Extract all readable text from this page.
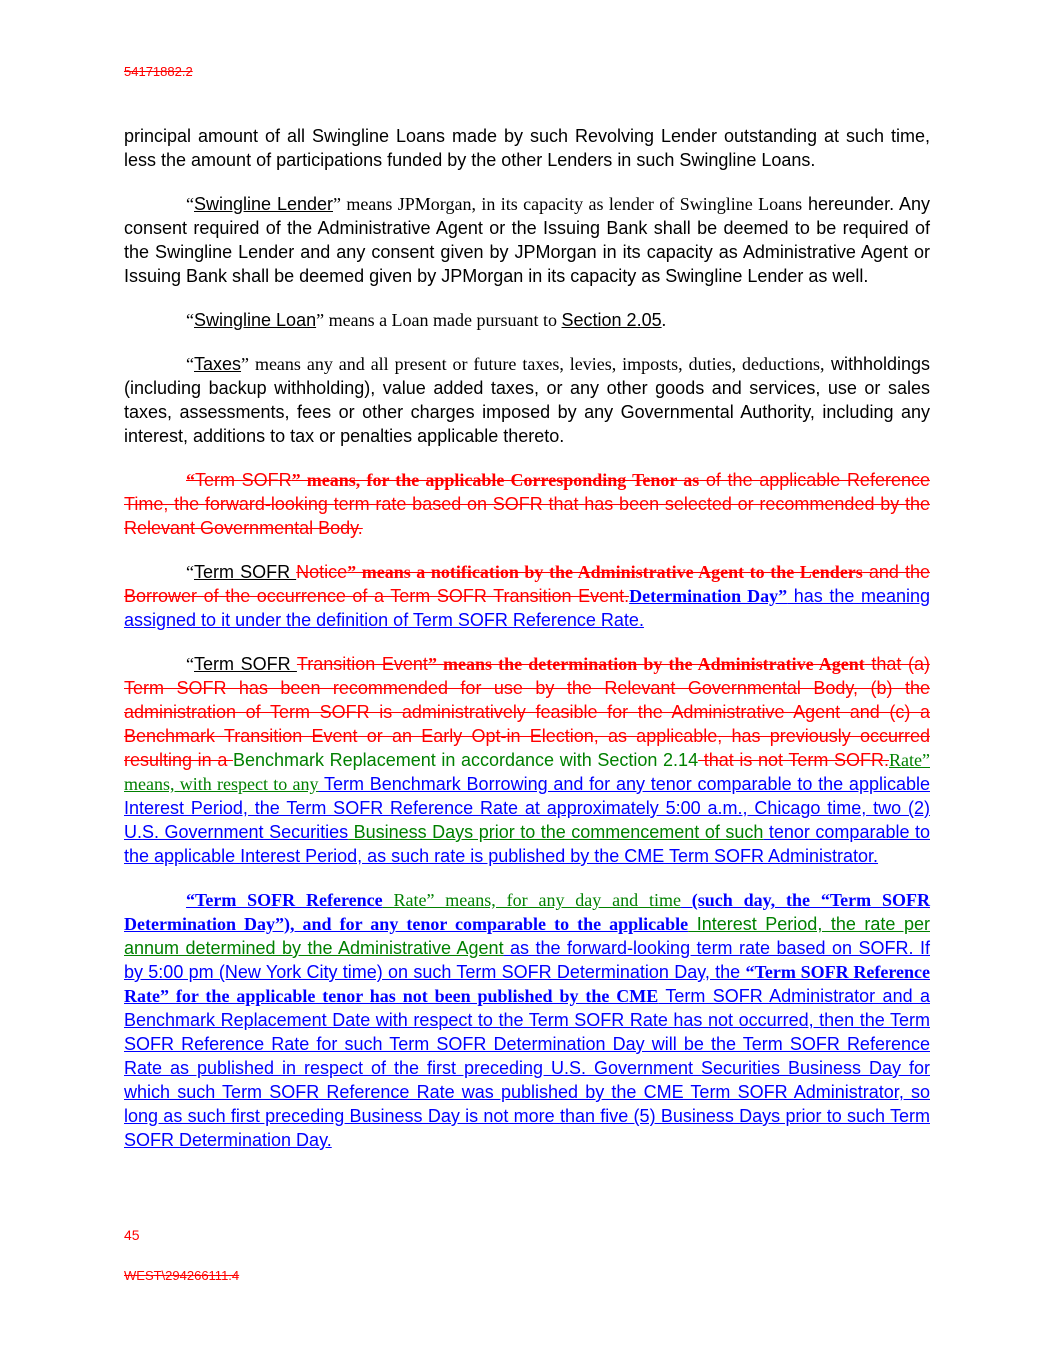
54171882.2

principal amount of all Swingline Loans made by such Revolving Lender outstanding at such time, less the amount of participations funded by the other Lenders in such Swingline Loans.

“Swingline Lender” means JPMorgan, in its capacity as lender of Swingline Loans hereunder. Any consent required of the Administrative Agent or the Issuing Bank shall be deemed to be required of the Swingline Lender and any consent given by JPMorgan in its capacity as Administrative Agent or Issuing Bank shall be deemed given by JPMorgan in its capacity as Swingline Lender as well.

“Swingline Loan” means a Loan made pursuant to Section 2.05.

“Taxes” means any and all present or future taxes, levies, imposts, duties, deductions, withholdings (including backup withholding), value added taxes, or any other goods and services, use or sales taxes, assessments, fees or other charges imposed by any Governmental Authority, including any interest, additions to tax or penalties applicable thereto.

“Term SOFR” means, for the applicable Corresponding Tenor as of the applicable Reference Time, the forward-looking term rate based on SOFR that has been selected or recommended by the Relevant Governmental Body.

“Term SOFR Notice” means a notification by the Administrative Agent to the Lenders and the Borrower of the occurrence of a Term SOFR Transition Event.Determination Day” has the meaning assigned to it under the definition of Term SOFR Reference Rate.

“Term SOFR Transition Event” means the determination by the Administrative Agent that (a) Term SOFR has been recommended for use by the Relevant Governmental Body, (b) the administration of Term SOFR is administratively feasible for the Administrative Agent and (c) a Benchmark Transition Event or an Early Opt-in Election, as applicable, has previously occurred resulting in a Benchmark Replacement in accordance with Section 2.14 that is not Term SOFR.Rate” means, with respect to any Term Benchmark Borrowing and for any tenor comparable to the applicable Interest Period, the Term SOFR Reference Rate at approximately 5:00 a.m., Chicago time, two (2) U.S. Government Securities Business Days prior to the commencement of such tenor comparable to the applicable Interest Period, as such rate is published by the CME Term SOFR Administrator.

“Term SOFR Reference Rate” means, for any day and time (such day, the “Term SOFR Determination Day”), and for any tenor comparable to the applicable Interest Period, the rate per annum determined by the Administrative Agent as the forward-looking term rate based on SOFR. If by 5:00 pm (New York City time) on such Term SOFR Determination Day, the “Term SOFR Reference Rate” for the applicable tenor has not been published by the CME Term SOFR Administrator and a Benchmark Replacement Date with respect to the Term SOFR Rate has not occurred, then the Term SOFR Reference Rate for such Term SOFR Determination Day will be the Term SOFR Reference Rate as published in respect of the first preceding U.S. Government Securities Business Day for which such Term SOFR Reference Rate was published by the CME Term SOFR Administrator, so long as such first preceding Business Day is not more than five (5) Business Days prior to such Term SOFR Determination Day.

45
WEST\294266111.4
